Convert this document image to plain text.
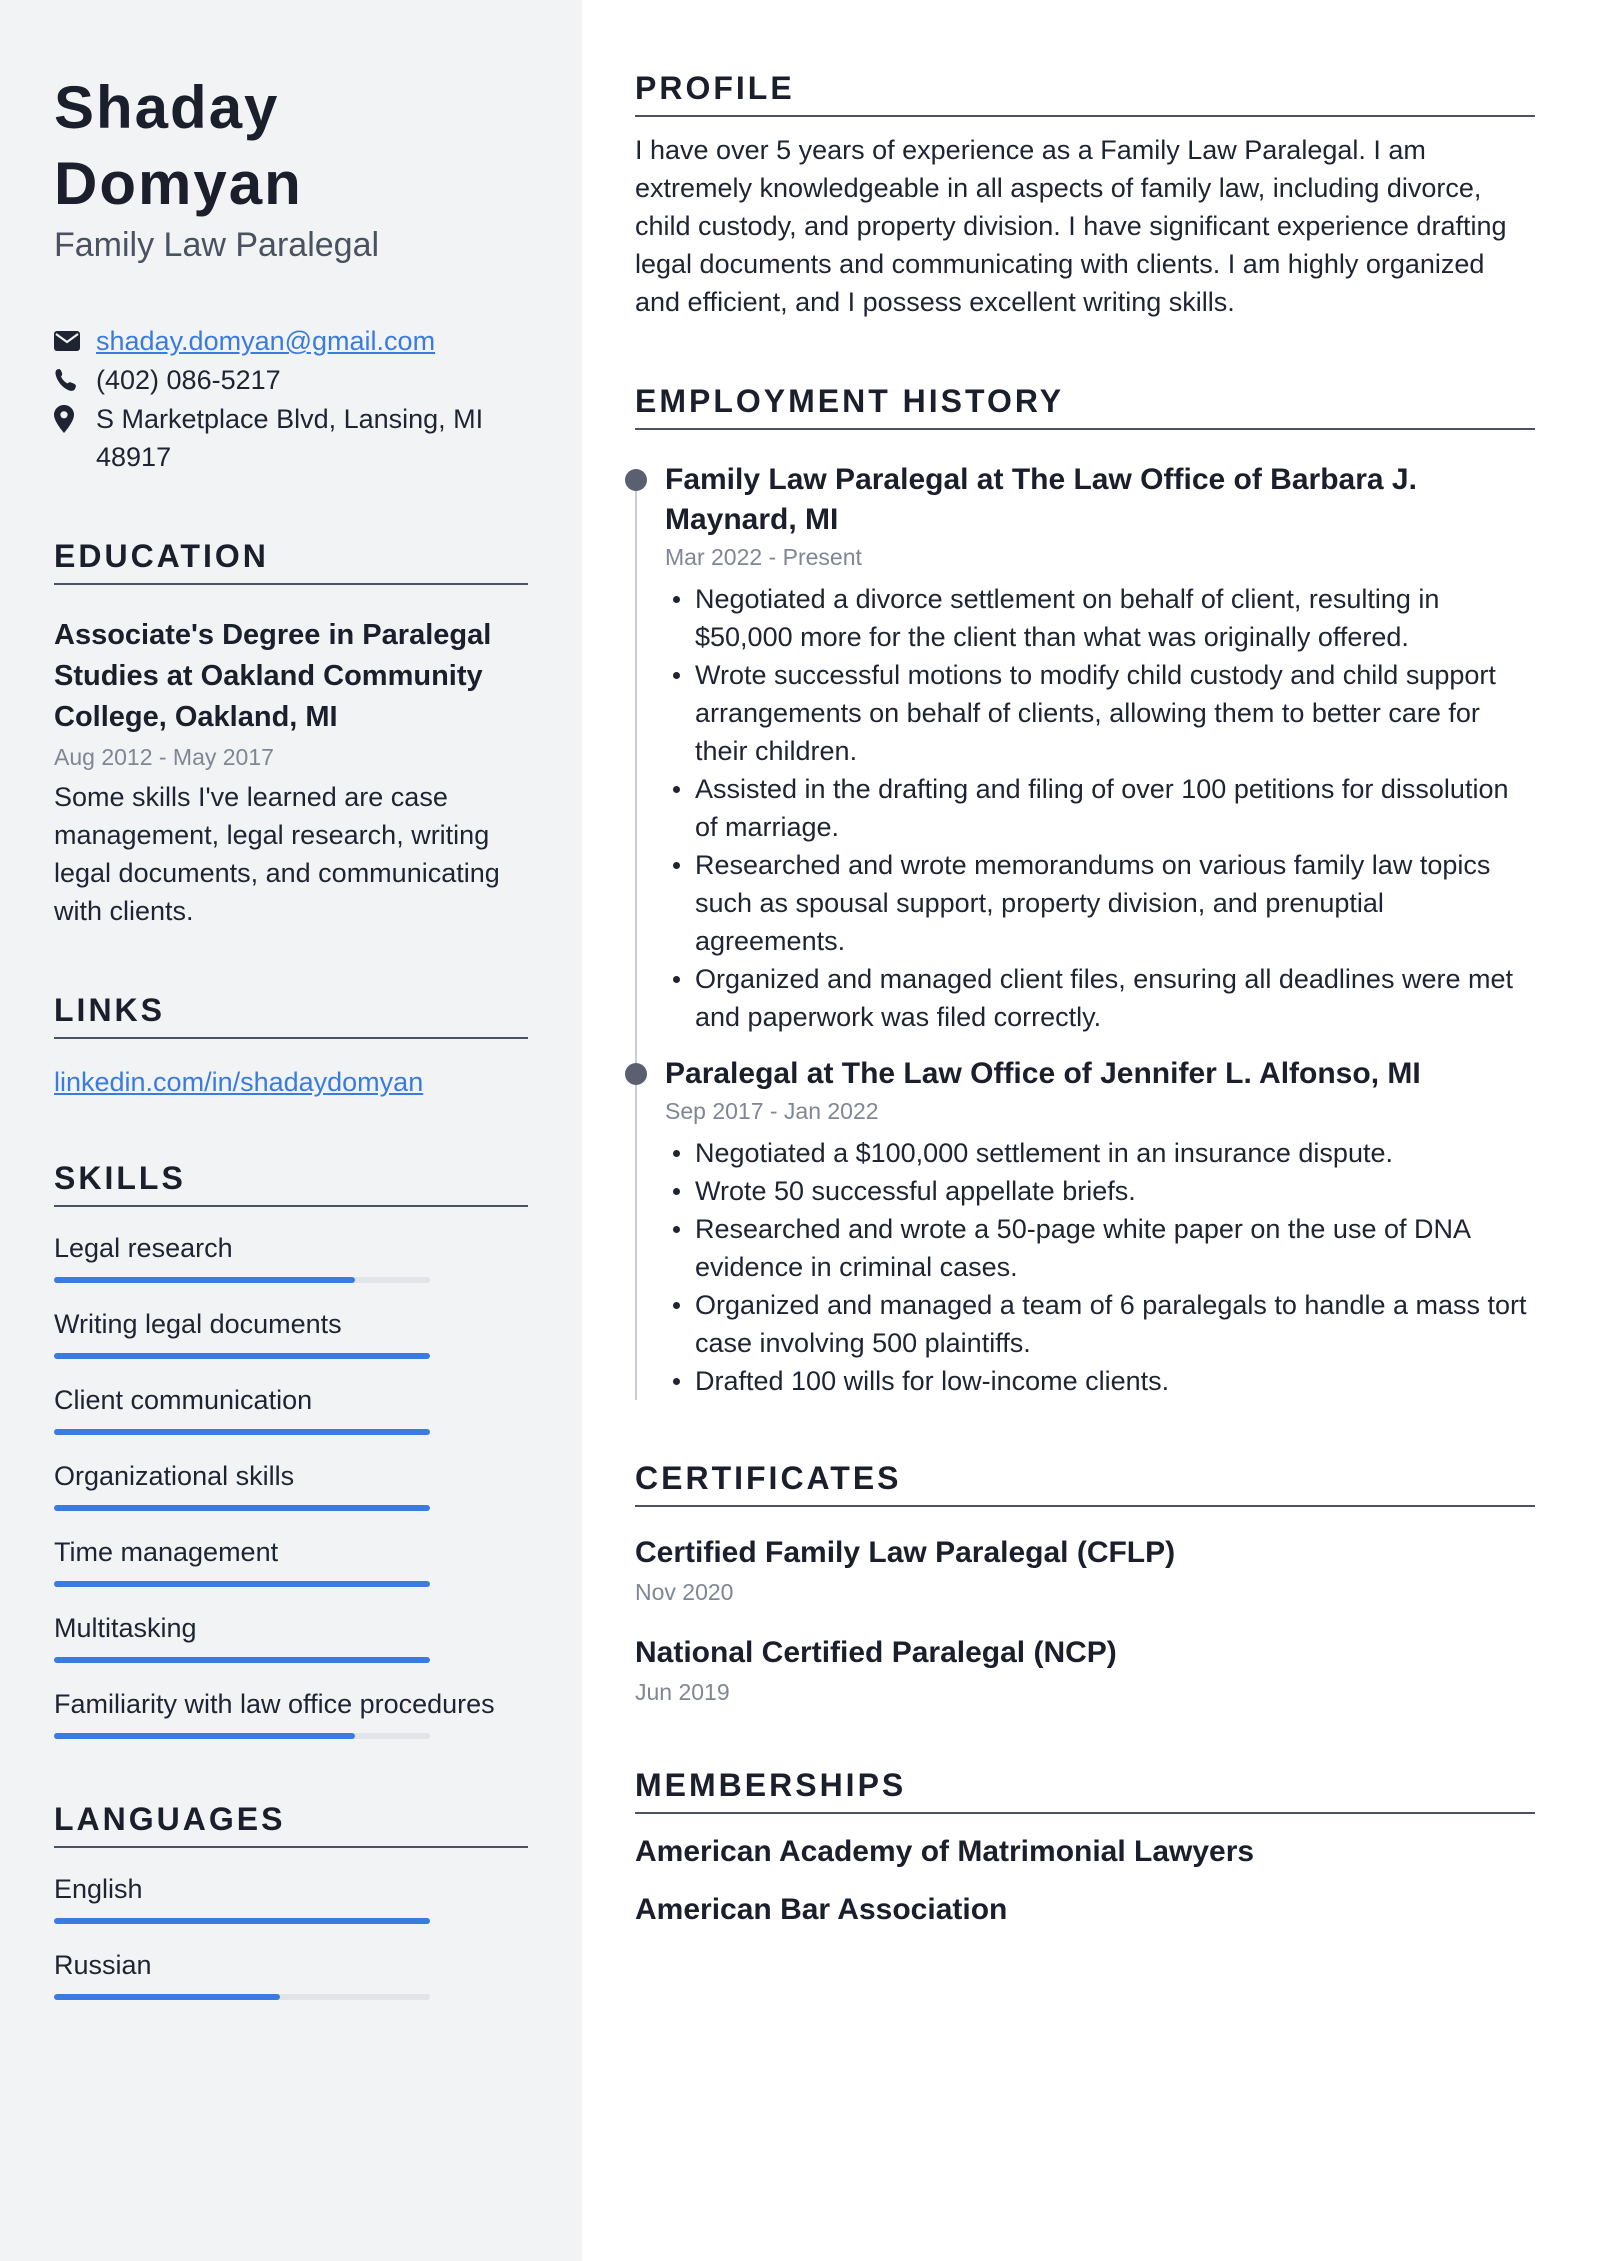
Shaday Domyan
Family Law Paralegal
shaday.domyan@gmail.com
(402) 086-5217
S Marketplace Blvd, Lansing, MI 48917
EDUCATION
Associate's Degree in Paralegal Studies at Oakland Community College, Oakland, MI
Aug 2012 - May 2017
Some skills I've learned are case management, legal research, writing legal documents, and communicating with clients.
LINKS
linkedin.com/in/shadaydomyan
SKILLS
Legal research
Writing legal documents
Client communication
Organizational skills
Time management
Multitasking
Familiarity with law office procedures
LANGUAGES
English
Russian
PROFILE

I have over 5 years of experience as a Family Law Paralegal. I am extremely knowledgeable in all aspects of family law, including divorce, child custody, and property division. I have significant experience drafting legal documents and communicating with clients. I am highly organized and efficient, and I possess excellent writing skills.

EMPLOYMENT HISTORY
Family Law Paralegal at The Law Office of Barbara J. Maynard, MI
Mar 2022 - Present
Negotiated a divorce settlement on behalf of client, resulting in $50,000 more for the client than what was originally offered.
Wrote successful motions to modify child custody and child support arrangements on behalf of clients, allowing them to better care for their children.
Assisted in the drafting and filing of over 100 petitions for dissolution of marriage.
Researched and wrote memorandums on various family law topics such as spousal support, property division, and prenuptial agreements.
Organized and managed client files, ensuring all deadlines were met and paperwork was filed correctly.
Paralegal at The Law Office of Jennifer L. Alfonso, MI
Sep 2017 - Jan 2022
Negotiated a $100,000 settlement in an insurance dispute.
Wrote 50 successful appellate briefs.
Researched and wrote a 50-page white paper on the use of DNA evidence in criminal cases.
Organized and managed a team of 6 paralegals to handle a mass tort case involving 500 plaintiffs.
Drafted 100 wills for low-income clients.
CERTIFICATES
Certified Family Law Paralegal (CFLP)
Nov 2020
National Certified Paralegal (NCP)
Jun 2019
MEMBERSHIPS
American Academy of Matrimonial Lawyers
American Bar Association
